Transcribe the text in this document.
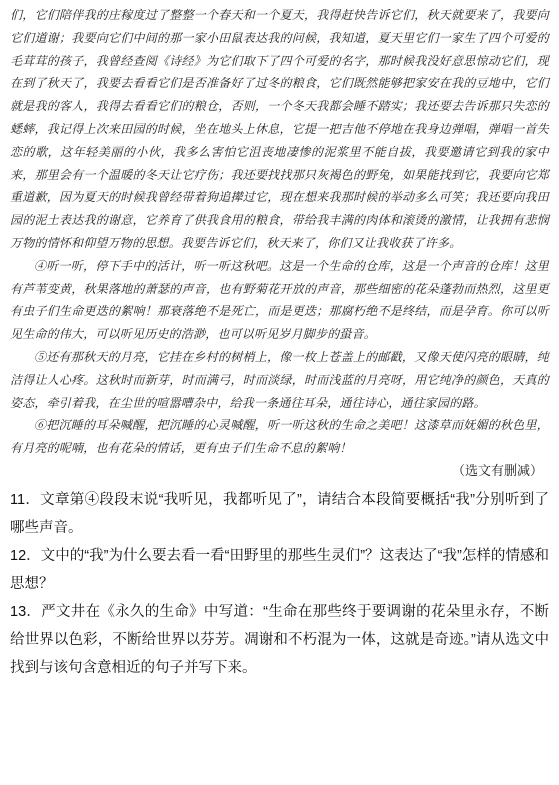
们，它们陪伴我的庄稼度过了整整一个春天和一个夏天，我得赶快告诉它们，秋天就要来了，我要向它们道谢；我要向它们中间的那一家小田鼠表达我的问候，我知道，夏天里它们一家生了四个可爱的毛茸茸的孩子，我曾经查阅《诗经》为它们取下了四个可爱的名字，那时候我没好意思惊动它们，现在到了秋天了，我要去看看它们是否准备好了过冬的粮食，它们既然能够把家安在我的豆地中，它们就是我的客人，我得去看看它们的粮仓，否则，一个冬天我都会睡不踏实；我还要去告诉那只失恋的蟋蟀，我记得上次来田园的时候，坐在地头上休息，它提一把吉他不停地在我身边弹唱，弹唱一首失恋的歌，这年轻美丽的小伙，我多么害怕它沮丧地凄惨的泥浆里不能自拔，我要邀请它到我的家中来，那里会有一个温暖的冬天让它疗伤；我还要找找那只灰褐色的野兔，如果能找到它，我要向它郑重道歉，因为夏天的时候我曾经带着狗追撵过它，现在想来我那时候的举动多么可笑；我还要向我田园的泥土表达我的谢意，它养育了供我食用的粮食，带给我丰满的肉体和滚烫的激情，让我拥有悲悯万物的情怀和仰望万物的思想。我要告诉它们，秋天来了，你们又让我收获了许多。

④听一听，停下手中的活计，听一听这秋吧。这是一个生命的仓库，这是一个声音的仓库！这里有芦苇变黄，秋果落地的萧瑟的声音，也有野菊花开放的声音，那些细密的花朵蓬勃而热烈，这里更有虫子们生命更迭的絮响！那衰落绝不是死亡，而是更迭；那腐朽绝不是终结，而是孕育。你可以听见生命的伟大，可以听见历史的浩渺，也可以听见岁月脚步的蛩音。

⑤还有那秋天的月亮，它挂在乡村的树梢上，像一枚上苍盖上的邮戳，又像天使闪亮的眼睛，纯洁得让人心疼。这秋时而新芽，时而满弓，时而淡绿，时而浅蓝的月亮呀，用它纯净的颜色，天真的姿态，牵引着我，在尘世的喧嚣嘈杂中，给我一条通往耳朵，通往诗心，通往家园的路。

⑥把沉睡的耳朵喊醒，把沉睡的心灵喊醒，听一听这秋的生命之美吧！这漆草而妩媚的秋色里，有月亮的呢喃，也有花朵的情话，更有虫子们生命不息的絮响！

（选文有删减）

11．文章第④段段末说“我听见，我都听见了”，请结合本段简要概括“我”分别听到了哪些声音。

12．文中的“我”为什么要去看一看“田野里的那些生灵们”？这表达了“我”怎样的情感和思想？

13．严文井在《永久的生命》中写道：“生命在那些终于要调谢的花朵里永存，不断给世界以色彩，不断给世界以芬芳。凋谢和不朽混为一体，这就是奇迹。”请从选文中找到与该句含意相近的句子并写下来。
